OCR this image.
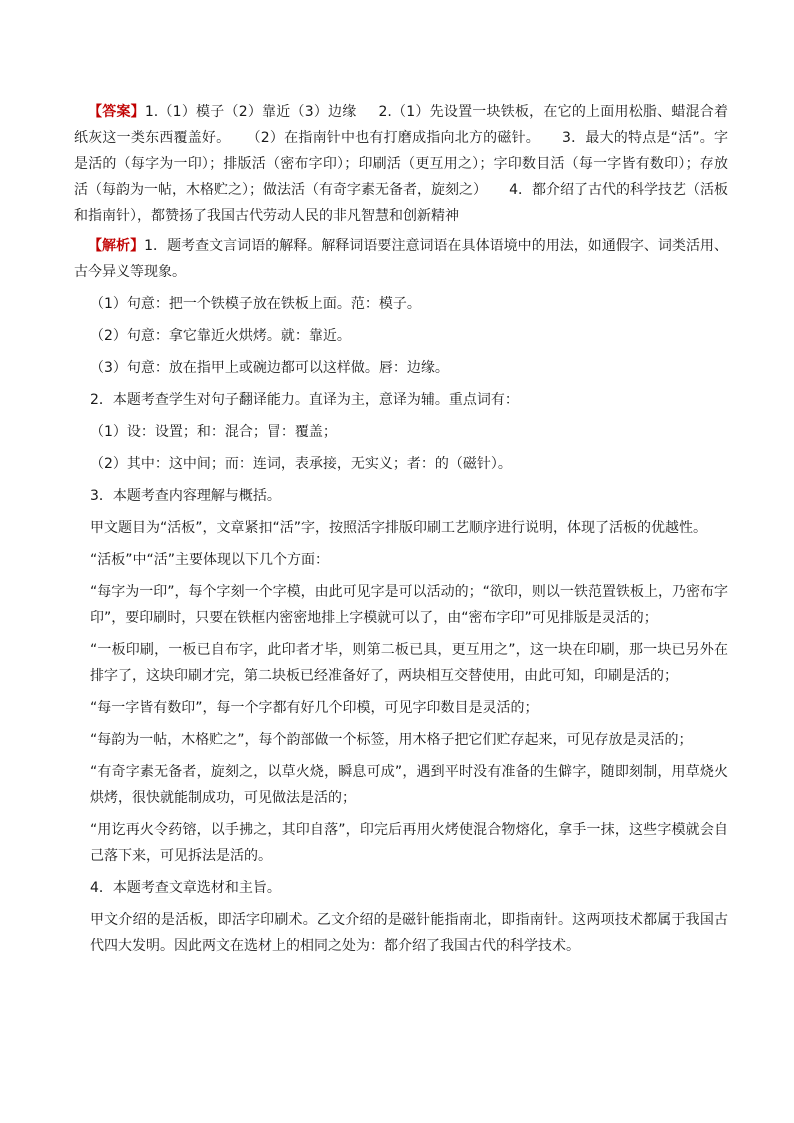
【答案】1.（1）模子（2）靠近（3）边缘 2.（1）先设置一块铁板，在它的上面用松脂、蜡混合着纸灰这一类东西覆盖好。 （2）在指南针中也有打磨成指向北方的磁针。 3．最大的特点是“活”。字是活的（每字为一印）；排版活（密布字印）；印刷活（更互用之）；字印数目活（每一字皆有数印）；存放活（每韵为一帖，木格贮之）；做法活（有奇字素无备者，旋刻之） 4．都介绍了古代的科学技艺（活板和指南针），都赞扬了我国古代劳动人民的非凡智慧和创新精神

【解析】1．题考查文言词语的解释。解释词语要注意词语在具体语境中的用法，如通假字、词类活用、古今异义等现象。

（1）句意：把一个铁模子放在铁板上面。范：模子。

（2）句意：拿它靠近火烘烤。就：靠近。

（3）句意：放在指甲上或碗边都可以这样做。唇：边缘。

2．本题考查学生对句子翻译能力。直译为主，意译为辅。重点词有：

（1）设：设置；和：混合；冒：覆盖；

（2）其中：这中间；而：连词，表承接，无实义；者：的（磁针）。

3．本题考查内容理解与概括。

甲文题目为“活板”，文章紧扣“活”字，按照活字排版印刷工艺顺序进行说明，体现了活板的优越性。

“活板”中“活”主要体现以下几个方面：

“每字为一印”，每个字刻一个字模，由此可见字是可以活动的；“欲印，则以一铁范置铁板上，乃密布字印”，要印刷时，只要在铁框内密密地排上字模就可以了，由“密布字印”可见排版是灵活的；

“一板印刷，一板已自布字，此印者才毕，则第二板已具，更互用之”，这一块在印刷，那一块已另外在排字了，这块印刷才完，第二块板已经准备好了，两块相互交替使用，由此可知，印刷是活的；

“每一字皆有数印”，每一个字都有好几个印模，可见字印数目是灵活的；

“每韵为一帖，木格贮之”，每个韵部做一个标签，用木格子把它们贮存起来，可见存放是灵活的；

“有奇字素无备者，旋刻之，以草火烧，瞬息可成”，遇到平时没有准备的生僻字，随即刻制，用草烧火烘烤，很快就能制成功，可见做法是活的；

“用讫再火令药镕，以手拂之，其印自落”，印完后再用火烤使混合物熔化，拿手一抹，这些字模就会自己落下来，可见拆法是活的。

4．本题考查文章选材和主旨。

甲文介绍的是活板，即活字印刷术。乙文介绍的是磁针能指南北，即指南针。这两项技术都属于我国古代四大发明。因此两文在选材上的相同之处为：都介绍了我国古代的科学技术。
